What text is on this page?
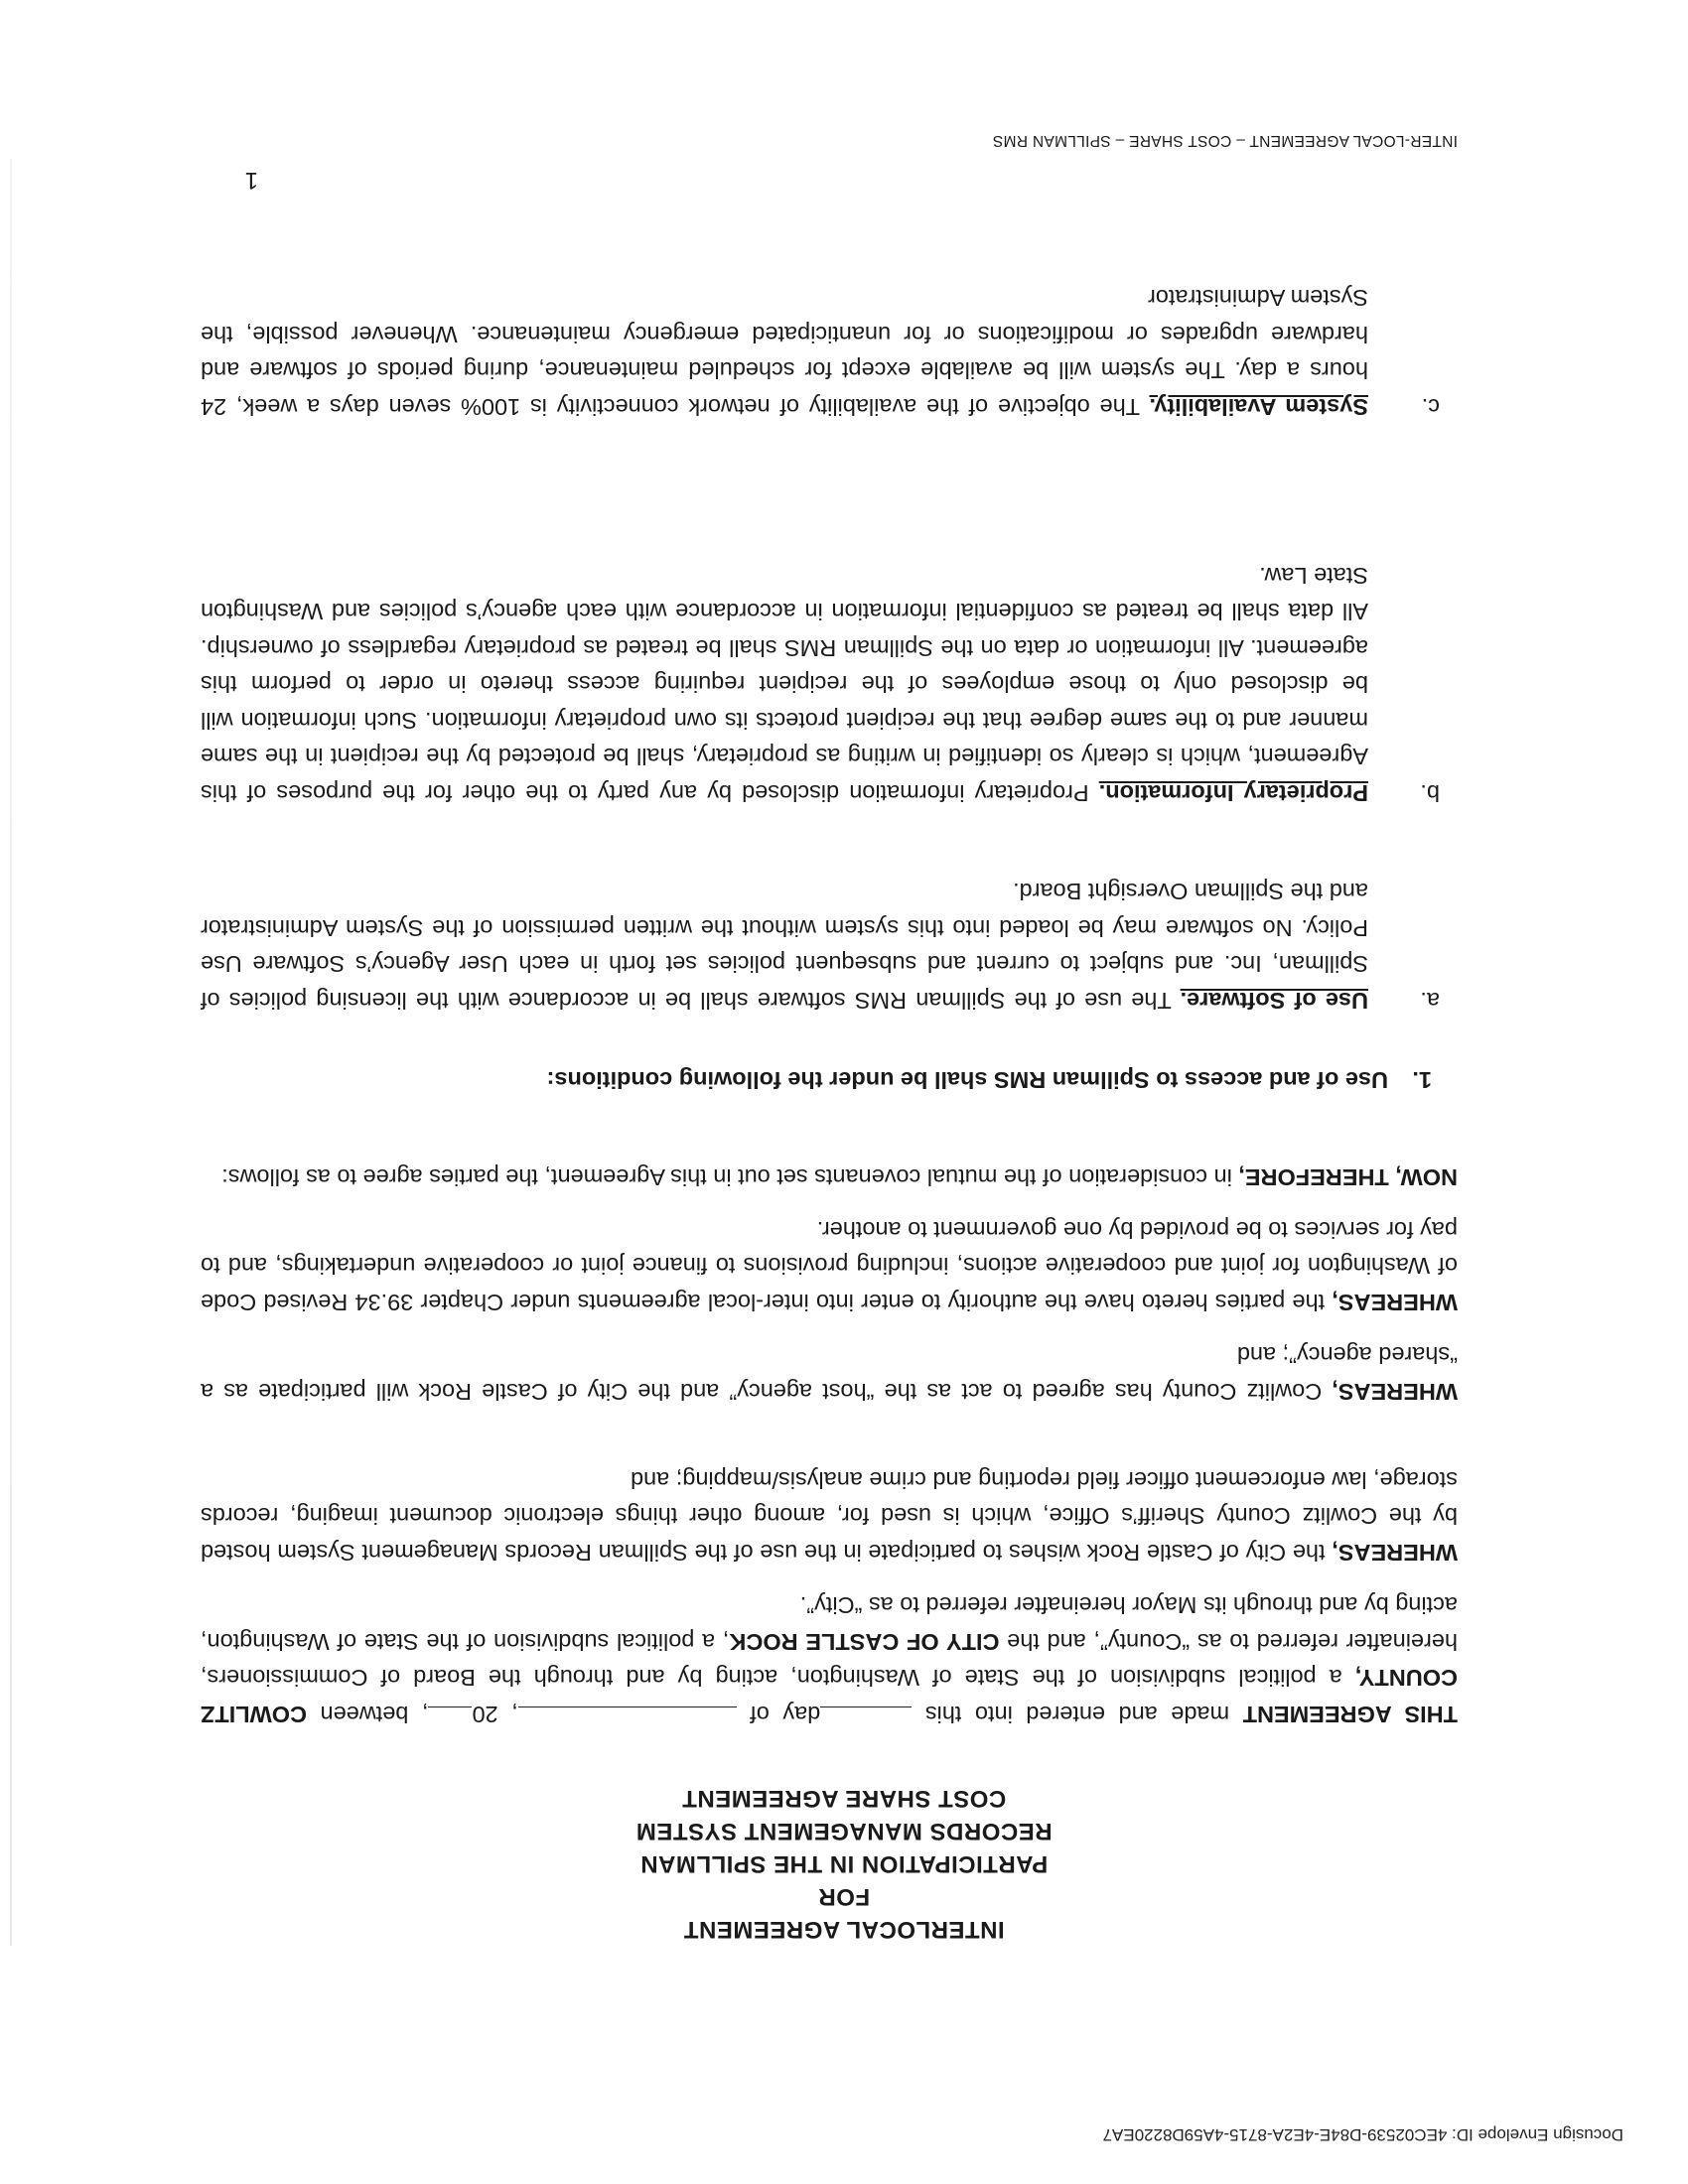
Docusign Envelope ID: 4EC02539-D84E-4E2A-8715-4A59D8220EA7
INTERLOCAL AGREEMENT
FOR
PARTICIPATION IN THE SPILLMAN
RECORDS MANAGEMENT SYSTEM
COST SHARE AGREEMENT

THIS AGREEMENT made and entered into this day of , 20, between COWLITZ COUNTY, a political subdivision of the State of Washington, acting by and through the Board of Commissioners, hereinafter referred to as “County”, and the CITY OF CASTLE ROCK, a political subdivision of the State of Washington, acting by and through its Mayor hereinafter referred to as “City”.

WHEREAS, the City of Castle Rock wishes to participate in the use of the Spillman Records Management System hosted by the Cowlitz County Sheriff’s Office, which is used for, among other things electronic document imaging, records storage, law enforcement officer field reporting and crime analysis/mapping; and

WHEREAS, Cowlitz County has agreed to act as the “host agency” and the City of Castle Rock will participate as a “shared agency”; and

WHEREAS, the parties hereto have the authority to enter into inter-local agreements under Chapter 39.34 Revised Code of Washington for joint and cooperative actions, including provisions to finance joint or cooperative undertakings, and to pay for services to be provided by one government to another.

NOW, THEREFORE, in consideration of the mutual covenants set out in this Agreement, the parties agree to as follows:

1.
Use of and access to Spillman RMS shall be under the following conditions:
a.
Use of Software. The use of the Spillman RMS software shall be in accordance with the licensing policies of Spillman, Inc. and subject to current and subsequent policies set forth in each User Agency’s Software Use Policy. No software may be loaded into this system without the written permission of the System Administrator and the Spillman Oversight Board.
b.
Proprietary Information. Proprietary information disclosed by any party to the other for the purposes of this Agreement, which is clearly so identified in writing as proprietary, shall be protected by the recipient in the same manner and to the same degree that the recipient protects its own proprietary information. Such information will be disclosed only to those employees of the recipient requiring access thereto in order to perform this agreement. All information or data on the Spillman RMS shall be treated as proprietary regardless of ownership. All data shall be treated as confidential information in accordance with each agency’s policies and Washington State Law.
c.
System Availability. The objective of the availability of network connectivity is 100% seven days a week, 24 hours a day. The system will be available except for scheduled maintenance, during periods of software and hardware upgrades or modifications or for unanticipated emergency maintenance. Whenever possible, the System Administrator
1
INTER-LOCAL AGREEMENT – COST SHARE – SPILLMAN RMS
